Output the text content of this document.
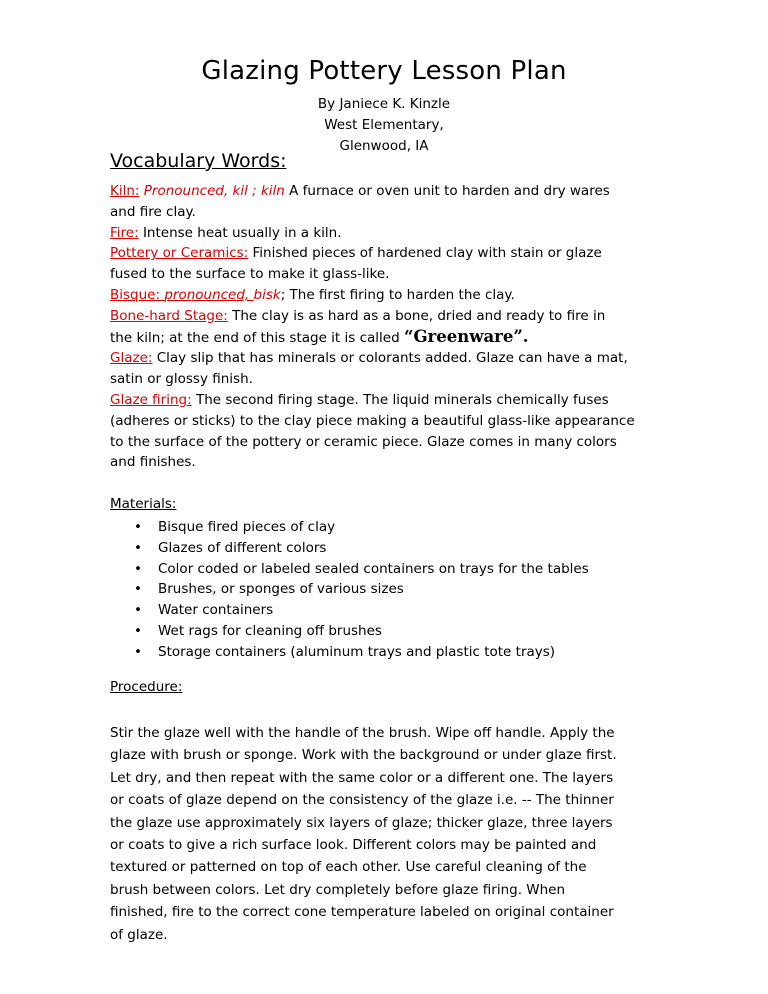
Glazing Pottery Lesson Plan
By Janiece K. Kinzle
West Elementary,
Glenwood, IA
Vocabulary Words:
Kiln: Pronounced, kil ; kiln A furnace or oven unit to harden and dry wares
and fire clay.
Fire: Intense heat usually in a kiln.
Pottery or Ceramics: Finished pieces of hardened clay with stain or glaze
fused to the surface to make it glass-like.
Bisque: pronounced, bisk; The first firing to harden the clay.
Bone-hard Stage: The clay is as hard as a bone, dried and ready to fire in
the kiln; at the end of this stage it is called “Greenware”.
Glaze: Clay slip that has minerals or colorants added. Glaze can have a mat,
satin or glossy finish.
Glaze firing: The second firing stage. The liquid minerals chemically fuses
(adheres or sticks) to the clay piece making a beautiful glass-like appearance
to the surface of the pottery or ceramic piece. Glaze comes in many colors
and finishes.
Materials:
• Bisque fired pieces of clay
• Glazes of different colors
• Color coded or labeled sealed containers on trays for the tables
• Brushes, or sponges of various sizes
• Water containers
• Wet rags for cleaning off brushes
• Storage containers (aluminum trays and plastic tote trays)
Procedure:
Stir the glaze well with the handle of the brush. Wipe off handle. Apply the
glaze with brush or sponge. Work with the background or under glaze first.
Let dry, and then repeat with the same color or a different one. The layers
or coats of glaze depend on the consistency of the glaze i.e. -- The thinner
the glaze use approximately six layers of glaze; thicker glaze, three layers
or coats to give a rich surface look. Different colors may be painted and
textured or patterned on top of each other. Use careful cleaning of the
brush between colors. Let dry completely before glaze firing. When
finished, fire to the correct cone temperature labeled on original container
of glaze.
